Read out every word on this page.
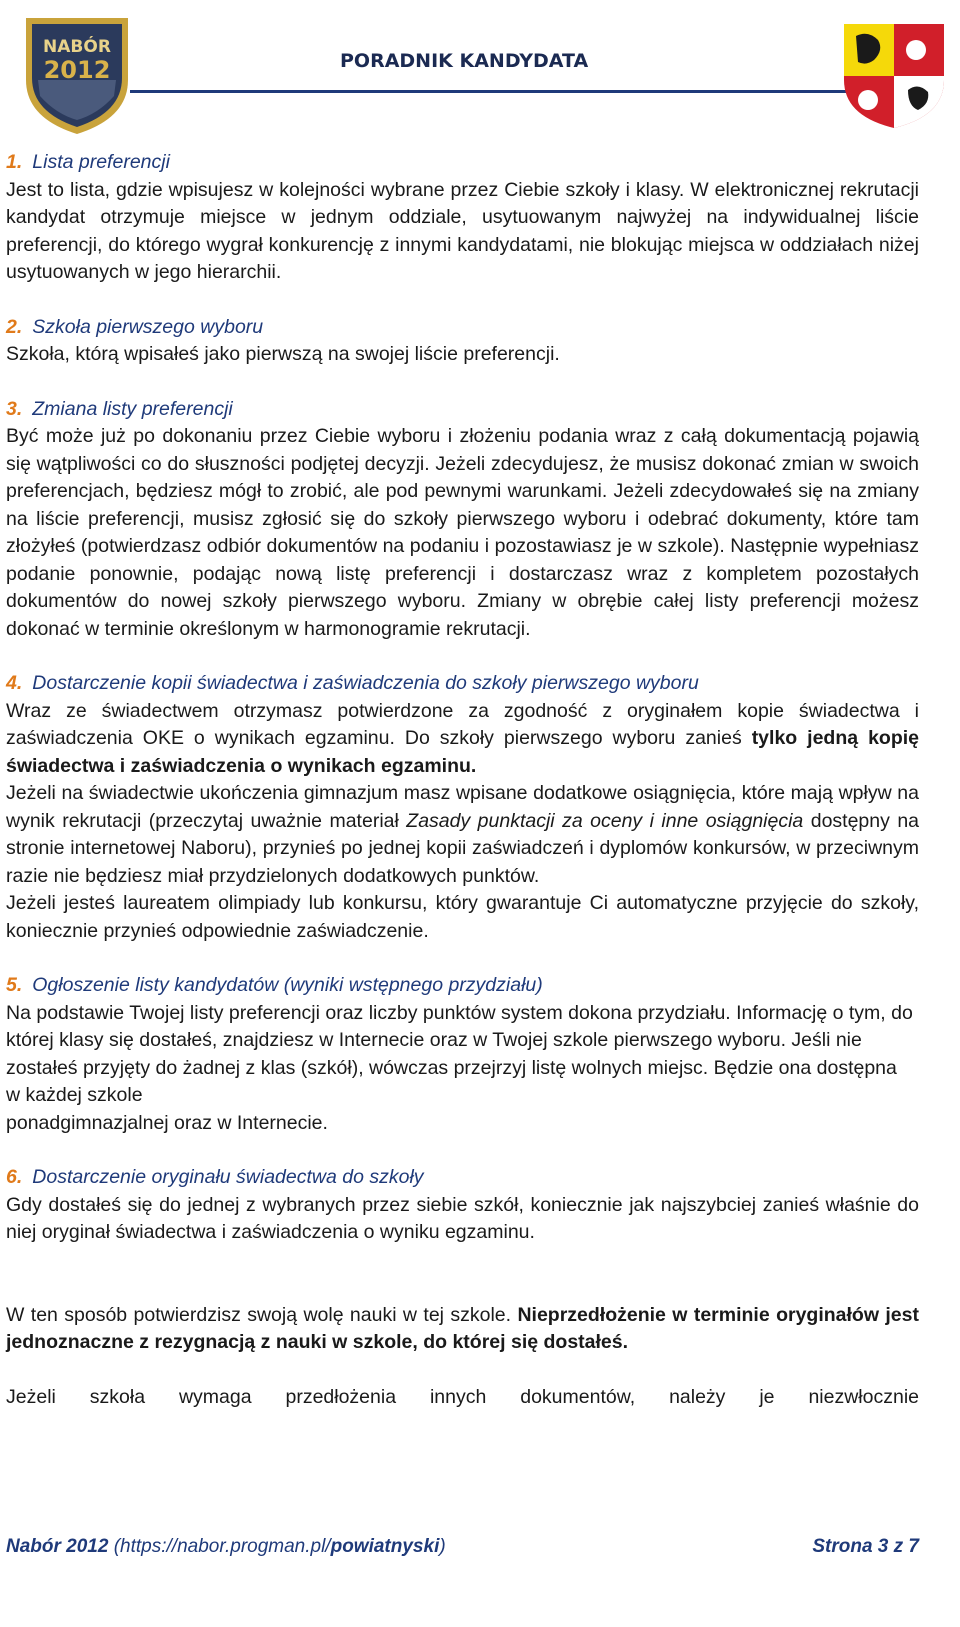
NABÓR
2012	PORADNIK KANDYDATA

1. Lista preferencji

Jest to lista, gdzie wpisujesz w kolejności wybrane przez Ciebie szkoły i klasy. W elektronicznej rekrutacji kandydat otrzymuje miejsce w jednym oddziale, usytuowanym najwyżej na indywidualnej liście preferencji, do którego wygrał konkurencję z innymi kandydatami, nie blokując miejsca w oddziałach niżej usytuowanych w jego hierarchii.

2. Szkoła pierwszego wyboru

Szkoła, którą wpisałeś jako pierwszą na swojej liście preferencji.

3. Zmiana listy preferencji

Być może już po dokonaniu przez Ciebie wyboru i złożeniu podania wraz z całą dokumentacją pojawią się wątpliwości co do słuszności podjętej decyzji. Jeżeli zdecydujesz, że musisz dokonać zmian w swoich preferencjach, będziesz mógł to zrobić, ale pod pewnymi warunkami. Jeżeli zdecydowałeś się na zmiany na liście preferencji, musisz zgłosić się do szkoły pierwszego wyboru i odebrać dokumenty, które tam złożyłeś (potwierdzasz odbiór dokumentów na podaniu i pozostawiasz je w szkole). Następnie wypełniasz podanie ponownie, podając nową listę preferencji i dostarczasz wraz z kompletem pozostałych dokumentów do nowej szkoły pierwszego wyboru. Zmiany w obrębie całej listy preferencji możesz dokonać w terminie określonym w harmonogramie rekrutacji.

4. Dostarczenie kopii świadectwa i zaświadczenia do szkoły pierwszego wyboru

Wraz ze świadectwem otrzymasz potwierdzone za zgodność z oryginałem kopie świadectwa i zaświadczenia OKE o wynikach egzaminu. Do szkoły pierwszego wyboru zanieś tylko jedną kopię świadectwa i zaświadczenia o wynikach egzaminu.

Jeżeli na świadectwie ukończenia gimnazjum masz wpisane dodatkowe osiągnięcia, które mają wpływ na wynik rekrutacji (przeczytaj uważnie materiał Zasady punktacji za oceny i inne osiągnięcia dostępny na stronie internetowej Naboru), przynieś po jednej kopii zaświadczeń i dyplomów konkursów, w przeciwnym razie nie będziesz miał przydzielonych dodatkowych punktów.

Jeżeli jesteś laureatem olimpiady lub konkursu, który gwarantuje Ci automatyczne przyjęcie do szkoły, koniecznie przynieś odpowiednie zaświadczenie.

5. Ogłoszenie listy kandydatów (wyniki wstępnego przydziału)

Na podstawie Twojej listy preferencji oraz liczby punktów system dokona przydziału. Informację o tym, do której klasy się dostałeś, znajdziesz w Internecie oraz w Twojej szkole pierwszego wyboru. Jeśli nie zostałeś przyjęty do żadnej z klas (szkół), wówczas przejrzyj listę wolnych miejsc. Będzie ona dostępna w każdej szkole

ponadgimnazjalnej oraz w Internecie.

6. Dostarczenie oryginału świadectwa do szkoły

Gdy dostałeś się do jednej z wybranych przez siebie szkół, koniecznie jak najszybciej zanieś właśnie do niej oryginał świadectwa i zaświadczenia o wyniku egzaminu.

W ten sposób potwierdzisz swoją wolę nauki w tej szkole. Nieprzedłożenie w terminie oryginałów jest jednoznaczne z rezygnacją z nauki w szkole, do której się dostałeś.

Jeżeli szkoła wymaga przedłożenia innych dokumentów, należy je niezwłocznie

Nabór 2012 (https://nabor.progman.pl/powiatnyski)	Strona 3 z 7
